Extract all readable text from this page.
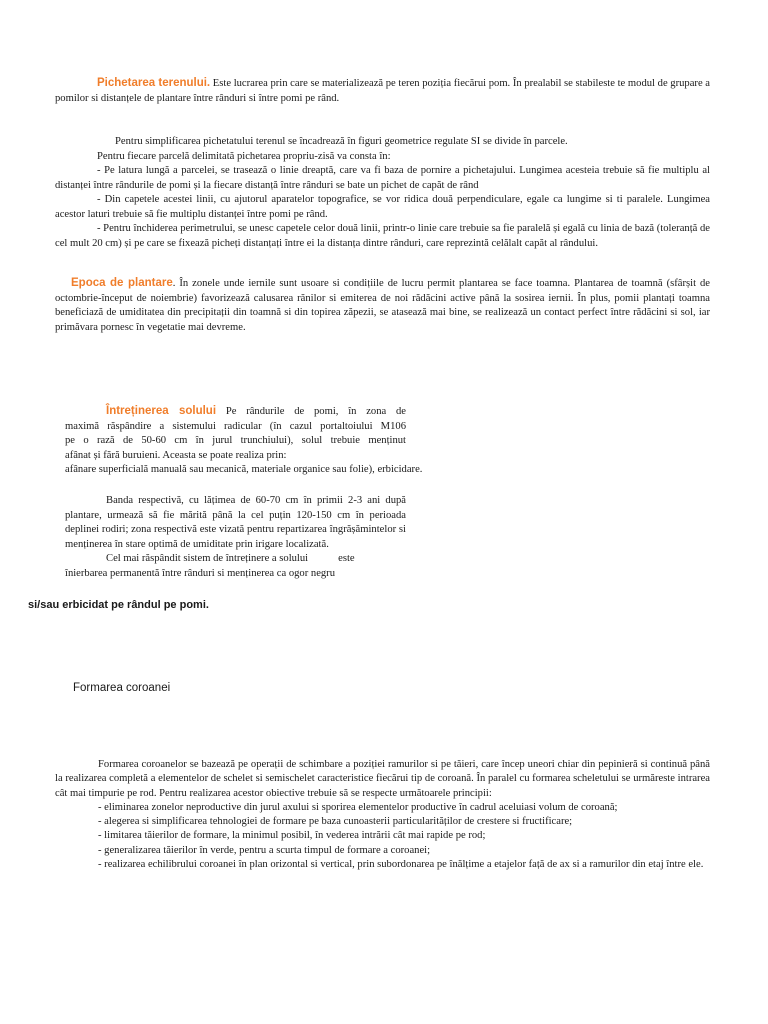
Pichetarea terenului. Este lucrarea prin care se materializează pe teren poziția fiecărui pom. În prealabil se stabileste te modul de grupare a pomilor si distanțele de plantare între rânduri si între pomi pe rând.

Pentru simplificarea pichetatului terenul se încadrează în figuri geometrice regulate SI se divide în parcele.

Pentru fiecare parcelă delimitată pichetarea propriu-zisă va consta în:

- Pe latura lungă a parcelei, se trasează o linie dreaptă, care va fi baza de pornire a pichetajului. Lungimea acesteia trebuie să fie multiplu al distanței între rândurile de pomi și la fiecare distanță între rânduri se bate un pichet de capăt de rând

- Din capetele acestei linii, cu ajutorul aparatelor topografice, se vor ridica două perpendiculare, egale ca lungime si ti paralele. Lungimea acestor laturi trebuie să fie multiplu distanței între pomi pe rând.

- Pentru închiderea perimetrului, se unesc capetele celor două linii, printr-o linie care trebuie sa fie paralelă și egală cu linia de bază (toleranță de cel mult 20 cm) și pe care se fixează picheți distanțați între ei la distanța dintre rânduri, care reprezintă celălalt capăt al rândului.

Epoca de plantare. În zonele unde iernile sunt usoare si condițiile de lucru permit plantarea se face toamna. Plantarea de toamnă (sfârșit de octombrie-început de noiembrie) favorizează calusarea rănilor si emiterea de noi rădăcini active până la sosirea iernii. În plus, pomii plantați toamna beneficiază de umiditatea din precipitații din toamnă si din topirea zăpezii, se atasează mai bine, se realizează un contact perfect între rădăcini si sol, iar primăvara pornesc în vegetatie mai devreme.

Întreținerea solului Pe rândurile de pomi, în zona de
maximă răspândire a sistemului radicular (în cazul portaltoiului M106
pe o rază de 50-60 cm în jurul trunchiului), solul trebuie menținut
afânat și fără buruieni. Aceasta se poate realiza prin:
afânare superficială manuală sau mecanică, materiale organice sau folie), erbicidare.

Banda respectivă, cu lățimea de 60-70 cm în primii 2-3 ani după plantare, urmează să fie mărită până la cel puțin 120-150 cm în perioada deplinei rodiri; zona respectivă este vizată pentru repartizarea îngrășămintelor si menținerea în stare optimă de umiditate prin irigare localizată.

Cel mai răspândit sistem de întreținere a solului	este
înierbarea permanentă între rânduri si menținerea ca ogor negru
si/sau erbicidat pe rândul pe pomi.
Formarea coroanei

Formarea coroanelor se bazează pe operații de schimbare a poziției ramurilor si pe tăieri, care încep uneori chiar din pepinieră si continuă până la realizarea completă a elementelor de schelet si semischelet caracteristice fiecărui tip de coroană. În paralel cu formarea scheletului se urmăreste intrarea cât mai timpurie pe rod. Pentru realizarea acestor obiective trebuie să se respecte următoarele principii:

- eliminarea zonelor neproductive din jurul axului si sporirea elementelor productive în cadrul aceluiasi volum de coroană;
- alegerea si simplificarea tehnologiei de formare pe baza cunoasterii particularităților de crestere si fructificare;
- limitarea tăierilor de formare, la minimul posibil, în vederea intrării cât mai rapide pe rod;
- generalizarea tăierilor în verde, pentru a scurta timpul de formare a coroanei;

- realizarea echilibrului coroanei în plan orizontal si vertical, prin subordonarea pe înălțime a etajelor față de ax si a ramurilor din etaj între ele.
